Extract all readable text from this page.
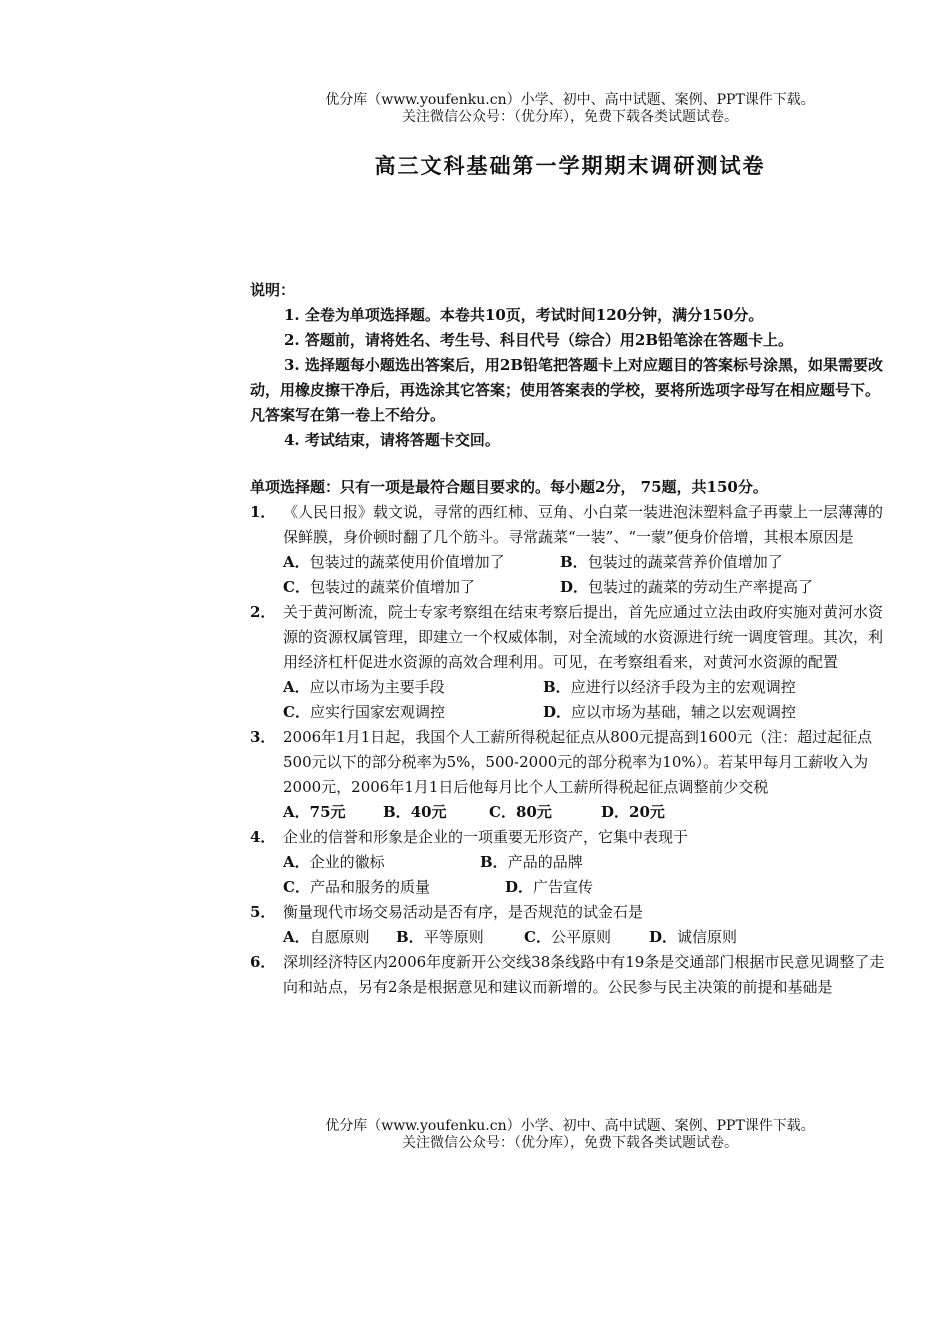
优分库（www.youfenku.cn）小学、初中、高中试题、案例、PPT课件下载。
关注微信公众号：（优分库），免费下载各类试题试卷。
高三文科基础第一学期期末调研测试卷
说明：
1. 全卷为单项选择题。本卷共10页，考试时间120分钟，满分150分。
2. 答题前，请将姓名、考生号、科目代号（综合）用2B铅笔涂在答题卡上。
3. 选择题每小题选出答案后，用2B铅笔把答题卡上对应题目的答案标号涂黑，如果需要改动，用橡皮擦干净后，再选涂其它答案；使用答案表的学校，要将所选项字母写在相应题号下。凡答案写在第一卷上不给分。
4. 考试结束，请将答题卡交回。
单项选择题：只有一项是最符合题目要求的。每小题2分， 75题，共150分。
1． 《人民日报》载文说，寻常的西红柿、豆角、小白菜一装进泡沫塑料盒子再蒙上一层薄薄的保鲜膜，身价顿时翻了几个筋斗。寻常蔬菜“一装”、“一蒙”便身价倍增，其根本原因是
A．包装过的蔬菜使用价值增加了	B．包装过的蔬菜营养价值增加了
C．包装过的蔬菜价值增加了	D．包装过的蔬菜的劳动生产率提高了
2． 关于黄河断流，院士专家考察组在结束考察后提出，首先应通过立法由政府实施对黄河水资源的资源权属管理，即建立一个权威体制，对全流域的水资源进行统一调度管理。其次，利用经济杠杆促进水资源的高效合理利用。可见，在考察组看来，对黄河水资源的配置
A．应以市场为主要手段	B．应进行以经济手段为主的宏观调控
C．应实行国家宏观调控	D．应以市场为基础，辅之以宏观调控
3． 2006年1月1日起，我国个人工薪所得税起征点从800元提高到1600元（注：超过起征点500元以下的部分税率为5%，500-2000元的部分税率为10%）。若某甲每月工薪收入为2000元，2006年1月1日后他每月比个人工薪所得税起征点调整前少交税
A．75元 B．40元	C．80元	D．20元
4． 企业的信誉和形象是企业的一项重要无形资产，它集中表现于
A．企业的徽标	B．产品的品牌
C．产品和服务的质量	D．广告宣传
5． 衡量现代市场交易活动是否有序，是否规范的试金石是
A．自愿原则 B．平等原则	C．公平原则	D．诚信原则
6． 深圳经济特区内2006年度新开公交线38条线路中有19条是交通部门根据市民意见调整了走向和站点，另有2条是根据意见和建议而新增的。公民参与民主决策的前提和基础是
优分库（www.youfenku.cn）小学、初中、高中试题、案例、PPT课件下载。
关注微信公众号：（优分库），免费下载各类试题试卷。
